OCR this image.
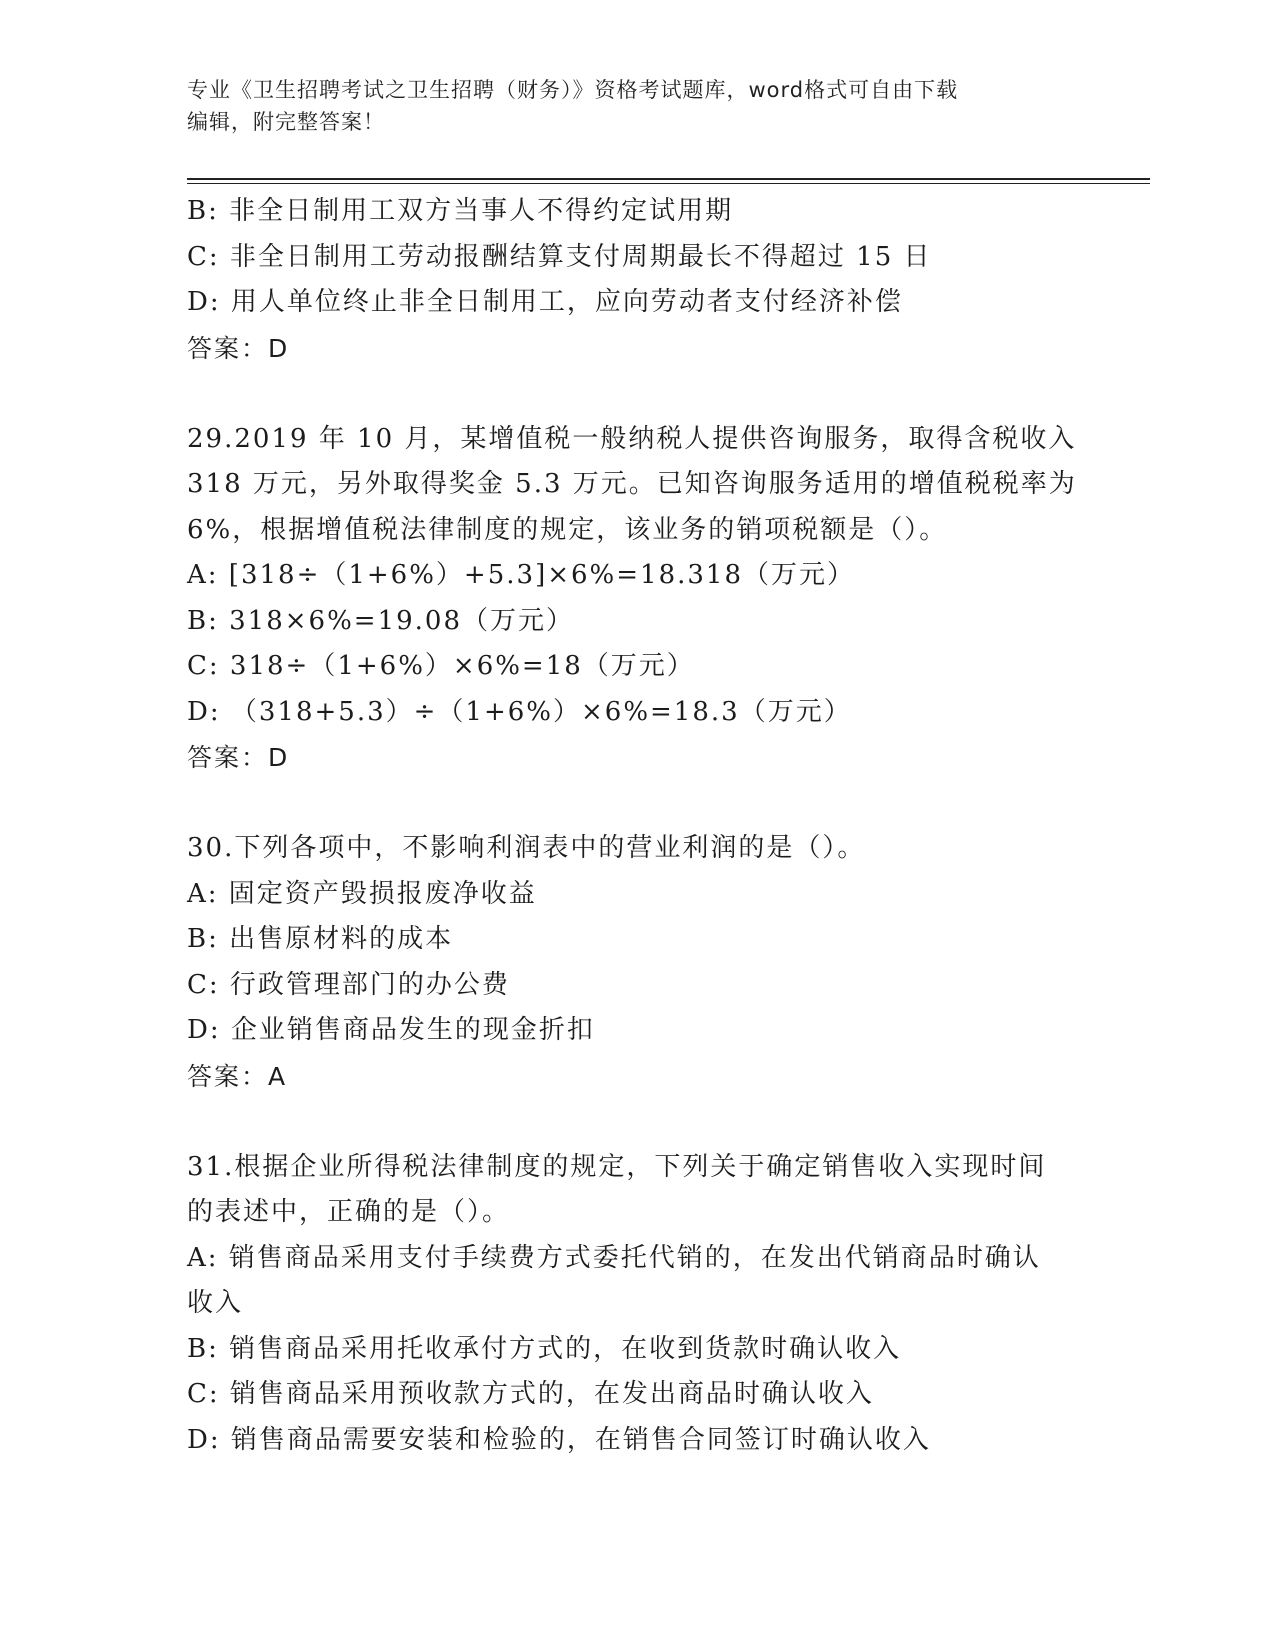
专业《卫生招聘考试之卫生招聘（财务）》资格考试题库，word格式可自由下载
编辑，附完整答案！
B: 非全日制用工双方当事人不得约定试用期
C: 非全日制用工劳动报酬结算支付周期最长不得超过 15 日
D: 用人单位终止非全日制用工，应向劳动者支付经济补偿
答案：D
29.2019 年 10 月，某增值税一般纳税人提供咨询服务，取得含税收入
318 万元，另外取得奖金 5.3 万元。已知咨询服务适用的增值税税率为
6%，根据增值税法律制度的规定，该业务的销项税额是（）。
A: [318÷（1+6%）+5.3]×6%=18.318（万元）
B: 318×6%=19.08（万元）
C: 318÷（1+6%）×6%=18（万元）
D: （318+5.3）÷（1+6%）×6%=18.3（万元）
答案：D
30.下列各项中，不影响利润表中的营业利润的是（）。
A: 固定资产毁损报废净收益
B: 出售原材料的成本
C: 行政管理部门的办公费
D: 企业销售商品发生的现金折扣
答案：A
31.根据企业所得税法律制度的规定，下列关于确定销售收入实现时间
的表述中，正确的是（）。
A: 销售商品采用支付手续费方式委托代销的，在发出代销商品时确认
收入
B: 销售商品采用托收承付方式的，在收到货款时确认收入
C: 销售商品采用预收款方式的，在发出商品时确认收入
D: 销售商品需要安装和检验的，在销售合同签订时确认收入
